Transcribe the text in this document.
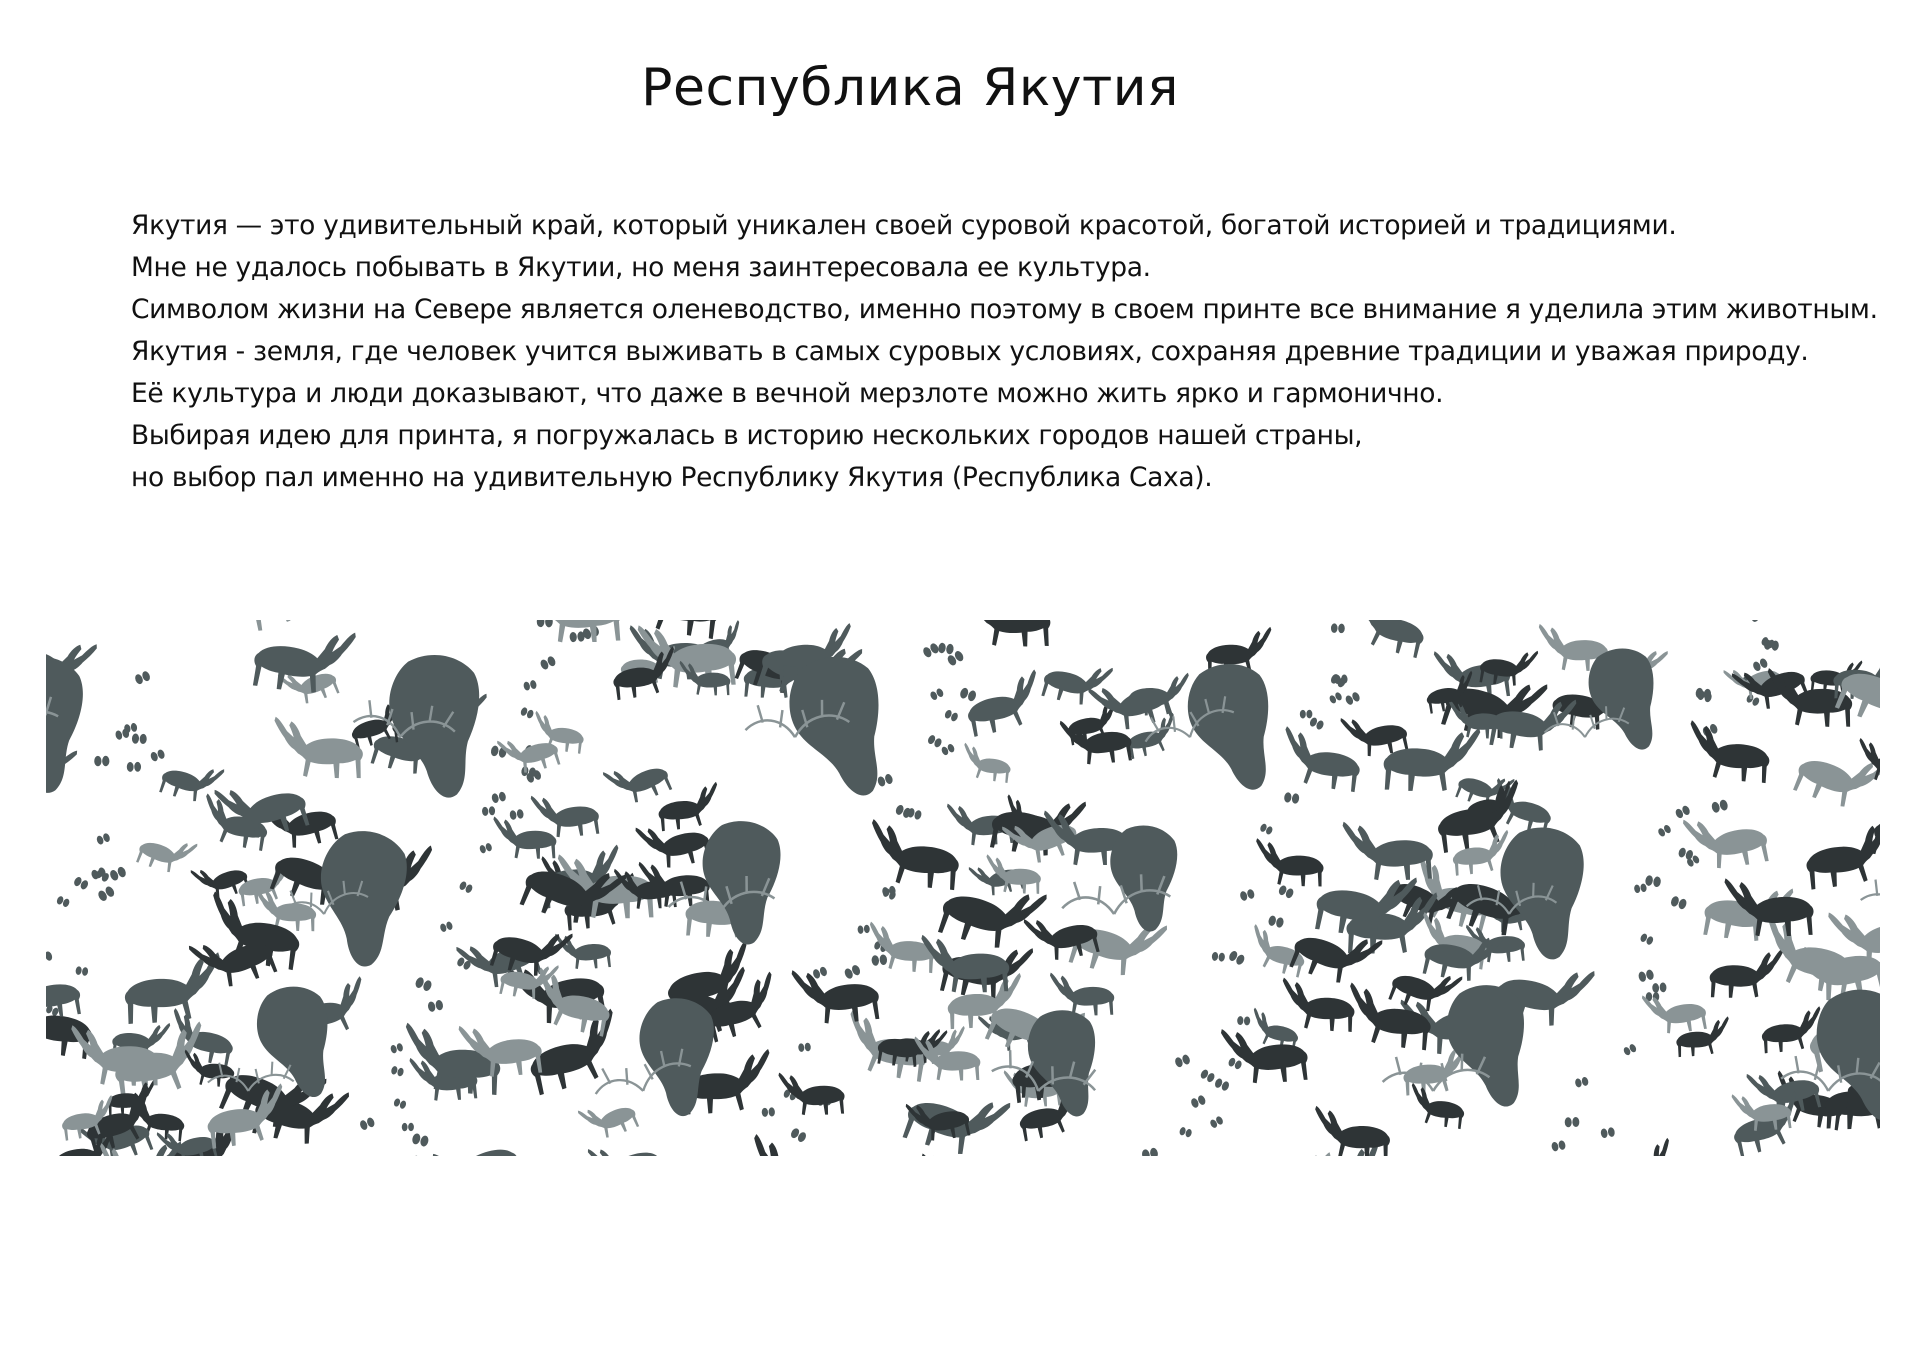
Республика Якутия
Якутия — это удивительный край, который уникален своей суровой красотой, богатой историей и традициями.
Мне не удалось побывать в Якутии, но меня заинтересовала ее культура.
Символом жизни на Севере является оленеводство, именно поэтому в своем принте все внимание я уделила этим животным.
Якутия - земля, где человек учится выживать в самых суровых условиях, сохраняя древние традиции и уважая природу.
Её культура и люди доказывают, что даже в вечной мерзлоте можно жить ярко и гармонично.
Выбирая идею для принта, я погружалась в историю нескольких городов нашей страны,
но выбор пал именно на удивительную Республику Якутия (Республика Саха).
